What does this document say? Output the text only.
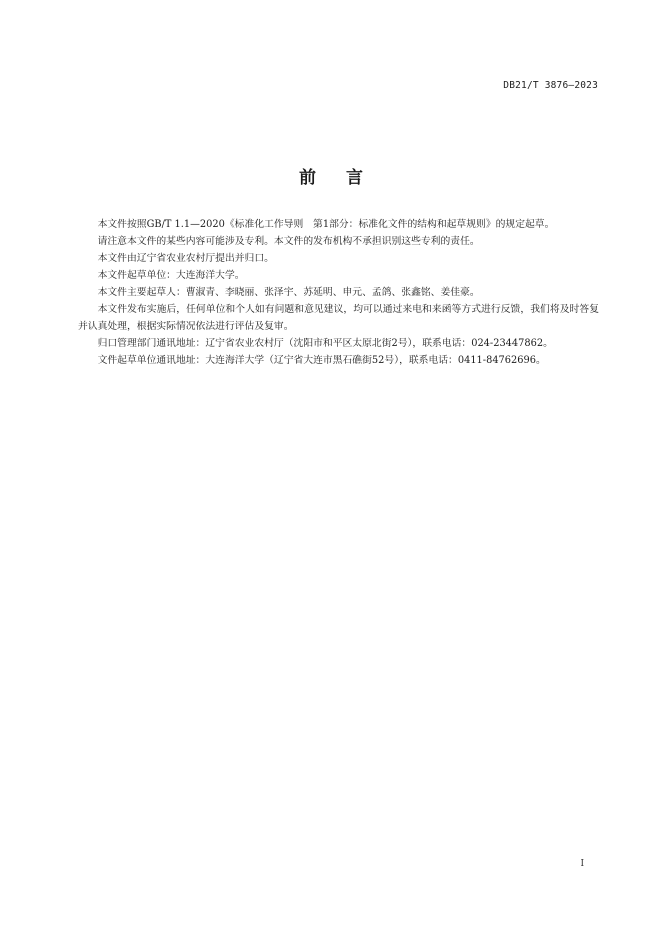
DB21/T 3876—2023
前 言

本文件按照GB/T 1.1—2020《标准化工作导则　第1部分：标准化文件的结构和起草规则》的规定起草。

请注意本文件的某些内容可能涉及专利。本文件的发布机构不承担识别这些专利的责任。

本文件由辽宁省农业农村厅提出并归口。

本文件起草单位：大连海洋大学。

本文件主要起草人：曹淑青、李晓丽、张泽宇、苏延明、申元、孟鸽、张鑫铭、姜佳豪。

本文件发布实施后，任何单位和个人如有问题和意见建议，均可以通过来电和来函等方式进行反馈，我们将及时答复并认真处理，根据实际情况依法进行评估及复审。

归口管理部门通讯地址：辽宁省农业农村厅（沈阳市和平区太原北街2号），联系电话：024-23447862。

文件起草单位通讯地址：大连海洋大学（辽宁省大连市黑石礁街52号），联系电话：0411-84762696。

I
